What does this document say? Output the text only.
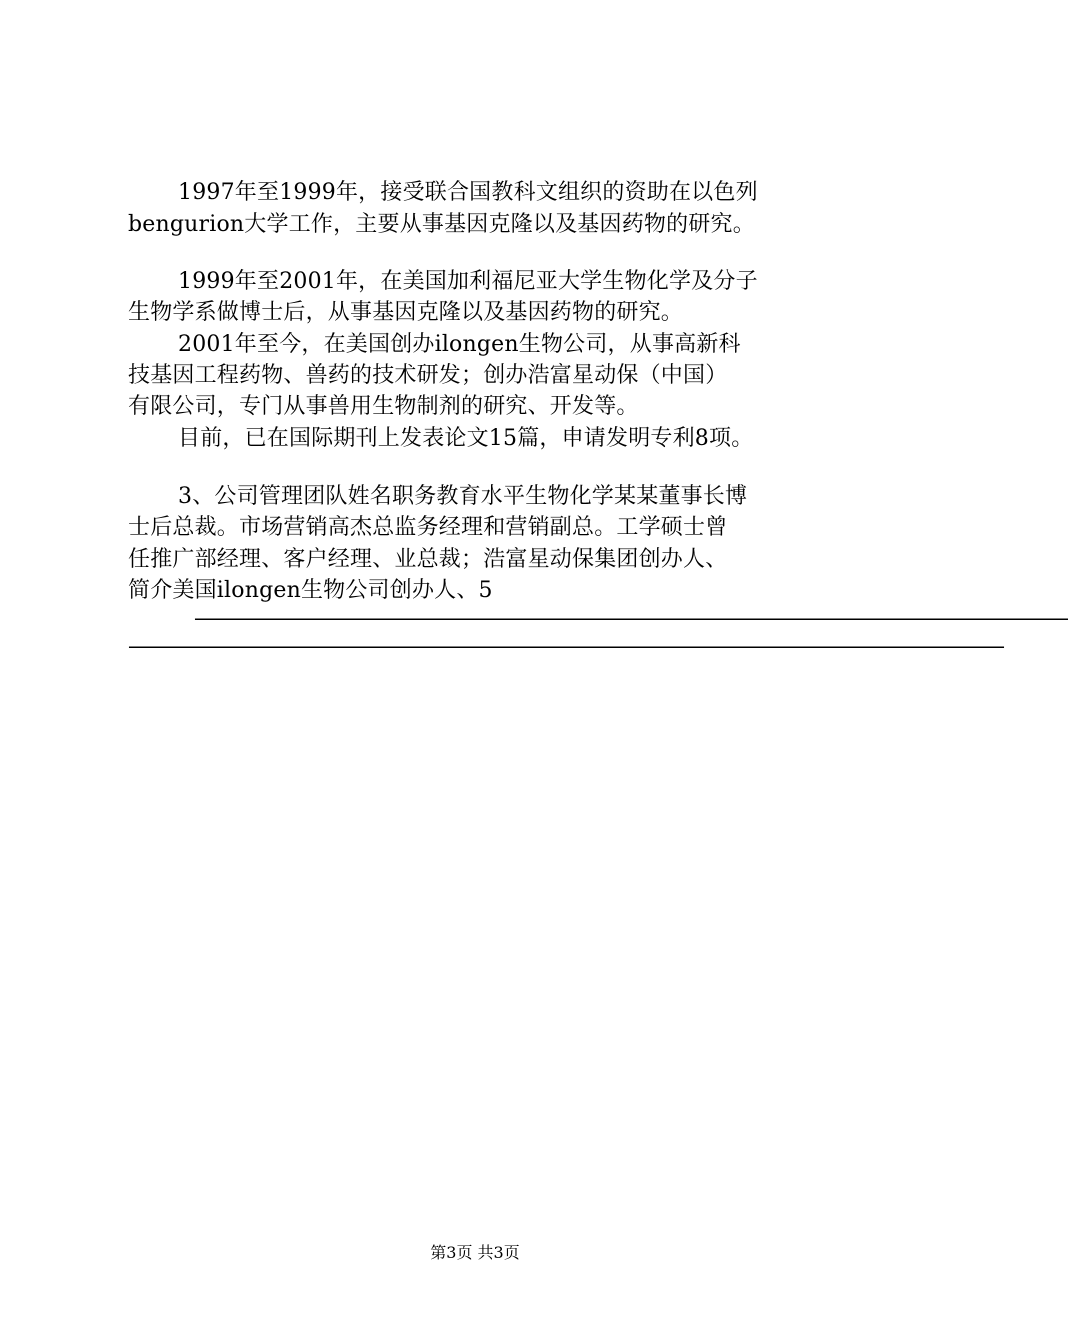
1997年至1999年，接受联合国教科文组织的资助在以色列
bengurion大学工作，主要从事基因克隆以及基因药物的研究。
1999年至2001年，在美国加利福尼亚大学生物化学及分子
生物学系做博士后，从事基因克隆以及基因药物的研究。
2001年至今，在美国创办ilongen生物公司，从事高新科
技基因工程药物、兽药的技术研发；创办浩富星动保（中国）
有限公司，专门从事兽用生物制剂的研究、开发等。
目前，已在国际期刊上发表论文15篇，申请发明专利8项。
3、公司管理团队姓名职务教育水平生物化学某某董事长博
士后总裁。市场营销高杰总监务经理和营销副总。工学硕士曾
任推广部经理、客户经理、业总裁；浩富星动保集团创办人、
简介美国ilongen生物公司创办人、5
——————————————————————————————————————————————
——————————————————————————————————————————————
第3页 共3页
